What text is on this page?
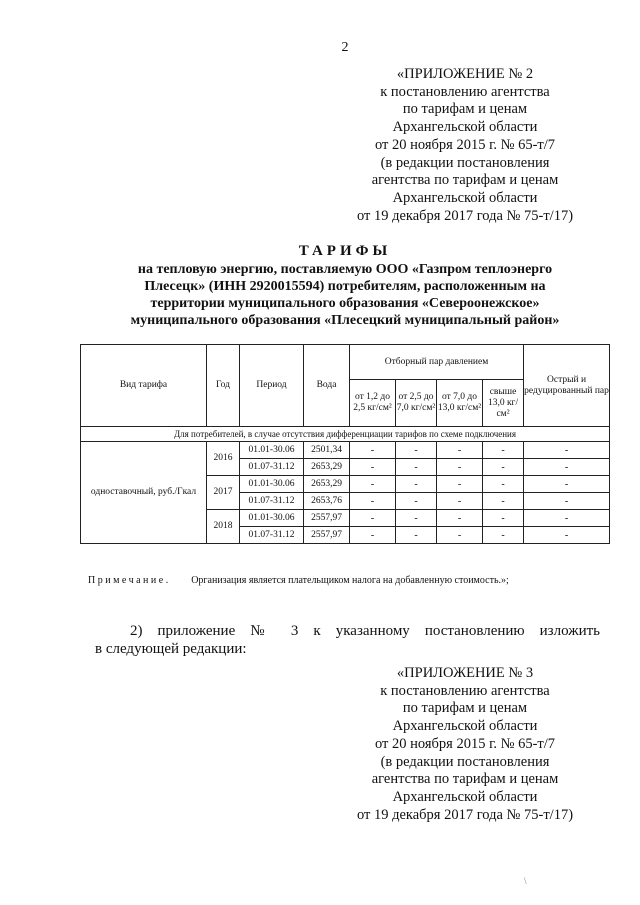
2
«ПРИЛОЖЕНИЕ № 2
к постановлению агентства
по тарифам и ценам
Архангельской области
от 20 ноября 2015 г. № 65-т/7
(в редакции постановления
агентства по тарифам и ценам
Архангельской области
от 19 декабря 2017 года № 75-т/17)
ТАРИФЫ
на тепловую энергию, поставляемую ООО «Газпром теплоэнерго
Плесецк» (ИНН 2920015594) потребителям, расположенным на
территории муниципального образования «Североонежское»
муниципального образования «Плесецкий муниципальный район»
Вид тарифа	Год	Период	Вода	Отборный пар давлением				Острый и редуцированный пар
				от 1,2 до 2,5 кг/см²	от 2,5 до 7,0 кг/см²	от 7,0 до 13,0 кг/см²	свыше 13,0 кг/см²	
Для потребителей, в случае отсутствия дифференциации тарифов по схеме подключения								
одноставочный, руб./Гкал	2016	01.01-30.06	2501,34	-	-	-	-	-
		01.07-31.12	2653,29	-	-	-	-	-
	2017	01.01-30.06	2653,29	-	-	-	-	-
		01.07-31.12	2653,76	-	-	-	-	-
	2018	01.01-30.06	2557,97	-	-	-	-	-
		01.07-31.12	2557,97	-	-	-	-	-
Примечание. Организация является плательщиком налога на добавленную стоимость.»;
2) приложение № 3 к указанному постановлению изложить
в следующей редакции:
«ПРИЛОЖЕНИЕ № 3
к постановлению агентства
по тарифам и ценам
Архангельской области
от 20 ноября 2015 г. № 65-т/7
(в редакции постановления
агентства по тарифам и ценам
Архангельской области
от 19 декабря 2017 года № 75-т/17)
\
